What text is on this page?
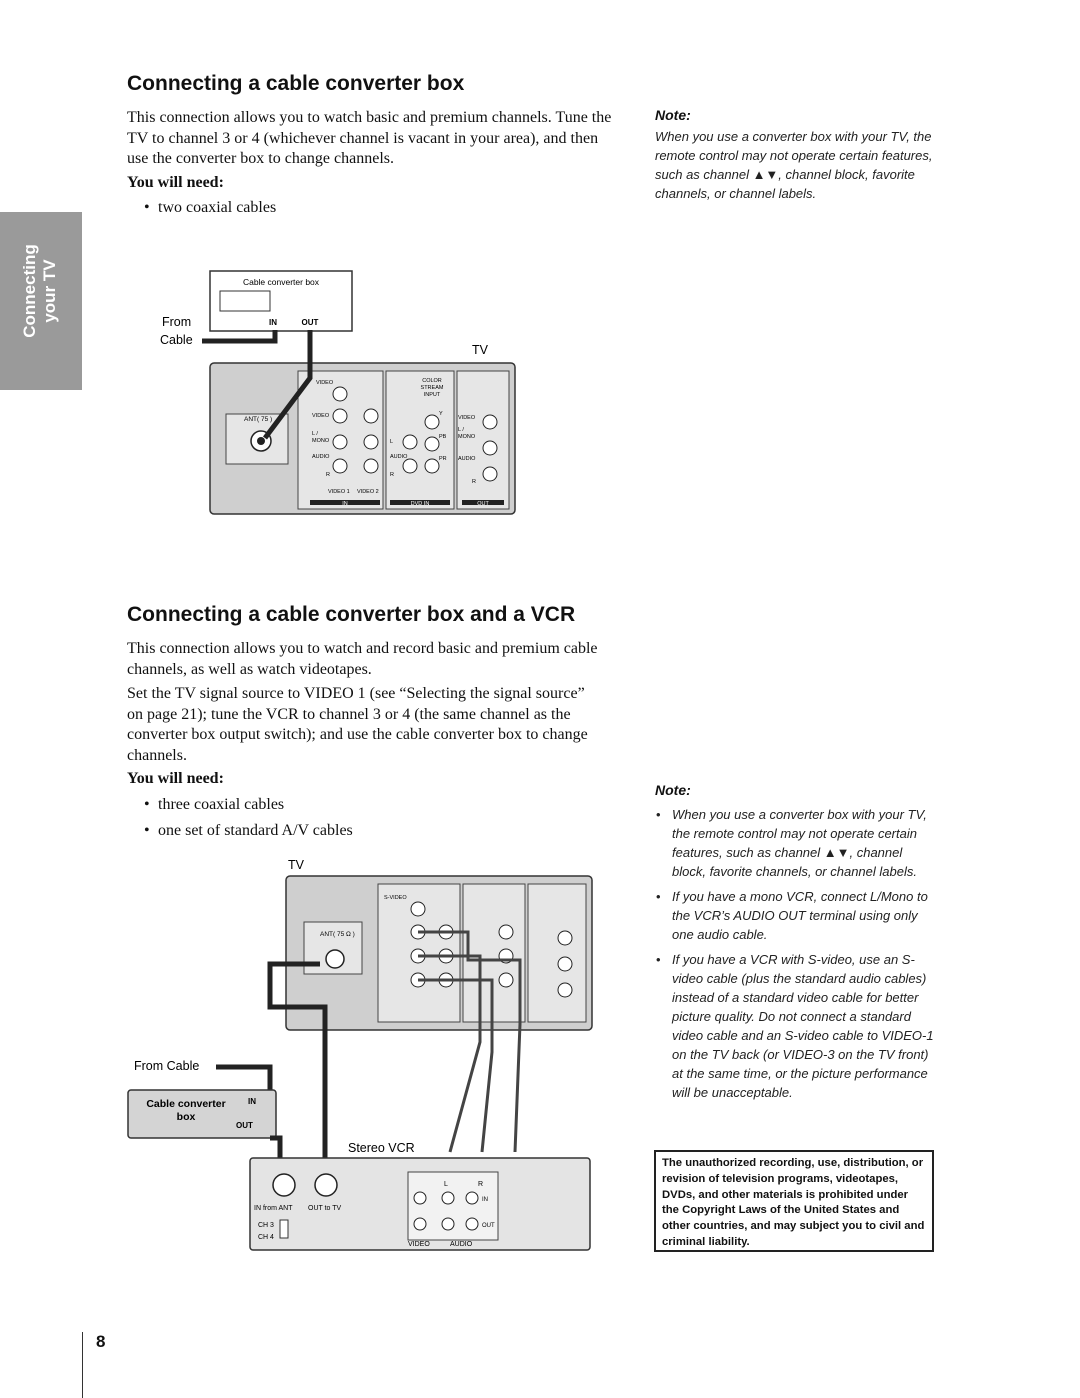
Connecting your TV
Connecting a cable converter box

This connection allows you to watch basic and premium channels. Tune the TV to channel 3 or 4 (whichever channel is vacant in your area), and then use the converter box to change channels.

You will need:
• two coaxial cables
Note:
When you use a converter box with your TV, the remote control may not operate certain features, such as channel ▲▼, channel block, favorite channels, or channel labels.
Cable converter box
IN	OUT
From
Cable
TV
ANT( 75 )
VIDEO
VIDEO
L /
MONO
AUDIO
R
VIDEO 1 VIDEO 2
COLOR
STREAM
INPUT
L
AUDIO
R
Y
PB
PR
VIDEO
L /
MONO
AUDIO
R
IN	DVD IN	OUT
Connecting a cable converter box and a VCR

This connection allows you to watch and record basic and premium cable channels, as well as watch videotapes.

Set the TV signal source to VIDEO 1 (see “Selecting the signal source” on page 21); tune the VCR to channel 3 or 4 (the same channel as the converter box output switch); and use the cable converter box to change channels.

You will need:
• three coaxial cables
• one set of standard A/V cables
Note:
• When you use a converter box with your TV, the remote control may not operate certain features, such as channel ▲▼, channel block, favorite channels, or channel labels.
• If you have a mono VCR, connect L/Mono to the VCR’s AUDIO OUT terminal using only one audio cable.
• If you have a VCR with S-video, use an S-video cable (plus the standard audio cables) instead of a standard video cable for better picture quality. Do not connect a standard video cable and an S-video cable to VIDEO-1 on the TV back (or VIDEO-3 on the TV front) at the same time, or the picture performance will be unacceptable.
TV
ANT( 75 Ω )
S-VIDEO
From Cable
Cable converter
box
IN
OUT
Stereo VCR
IN from ANT OUT to TV
CH 3
CH 4
L	R
IN
OUT
VIDEO	AUDIO
The unauthorized recording, use, distribution, or revision of television programs, videotapes, DVDs, and other materials is prohibited under the Copyright Laws of the United States and other countries, and may subject you to civil and criminal liability.
8
